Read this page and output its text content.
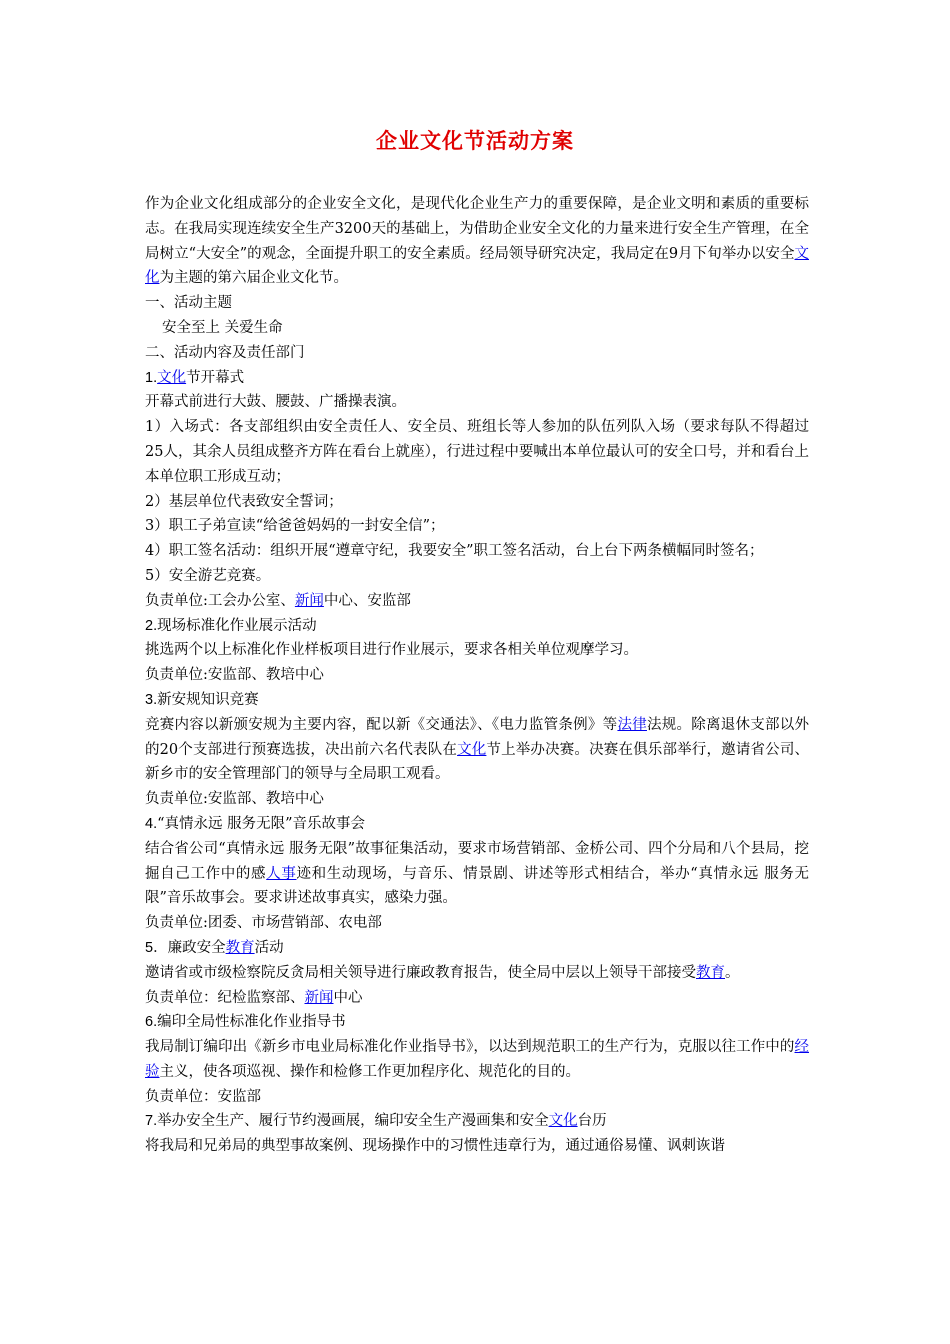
企业文化节活动方案

作为企业文化组成部分的企业安全文化，是现代化企业生产力的重要保障，是企业文明和素质的重要标志。在我局实现连续安全生产3200天的基础上，为借助企业安全文化的力量来进行安全生产管理，在全局树立“大安全”的观念，全面提升职工的安全素质。经局领导研究决定，我局定在9月下旬举办以安全文化为主题的第六届企业文化节。

一、活动主题

安全至上 关爱生命

二、活动内容及责任部门

1.文化节开幕式

开幕式前进行大鼓、腰鼓、广播操表演。

1）入场式：各支部组织由安全责任人、安全员、班组长等人参加的队伍列队入场（要求每队不得超过25人，其余人员组成整齐方阵在看台上就座），行进过程中要喊出本单位最认可的安全口号，并和看台上本单位职工形成互动；

2）基层单位代表致安全誓词；

3）职工子弟宣读“给爸爸妈妈的一封安全信”；

4）职工签名活动：组织开展“遵章守纪，我要安全”职工签名活动，台上台下两条横幅同时签名；

5）安全游艺竞赛。

负责单位:工会办公室、新闻中心、安监部

2.现场标准化作业展示活动

挑选两个以上标准化作业样板项目进行作业展示，要求各相关单位观摩学习。

负责单位:安监部、教培中心

3.新安规知识竞赛

竞赛内容以新颁安规为主要内容，配以新《交通法》、《电力监管条例》等法律法规。除离退休支部以外的20个支部进行预赛选拔，决出前六名代表队在文化节上举办决赛。决赛在俱乐部举行，邀请省公司、新乡市的安全管理部门的领导与全局职工观看。

负责单位:安监部、教培中心

4.“真情永远 服务无限”音乐故事会

结合省公司“真情永远 服务无限”故事征集活动，要求市场营销部、金桥公司、四个分局和八个县局，挖掘自己工作中的感人事迹和生动现场，与音乐、情景剧、讲述等形式相结合，举办“真情永远 服务无限”音乐故事会。要求讲述故事真实，感染力强。

负责单位:团委、市场营销部、农电部

5．廉政安全教育活动

邀请省或市级检察院反贪局相关领导进行廉政教育报告，使全局中层以上领导干部接受教育。

负责单位：纪检监察部、新闻中心

6.编印全局性标准化作业指导书

我局制订编印出《新乡市电业局标准化作业指导书》，以达到规范职工的生产行为，克服以往工作中的经验主义，使各项巡视、操作和检修工作更加程序化、规范化的目的。

负责单位：安监部

7.举办安全生产、履行节约漫画展，编印安全生产漫画集和安全文化台历

将我局和兄弟局的典型事故案例、现场操作中的习惯性违章行为，通过通俗易懂、讽刺诙谐
